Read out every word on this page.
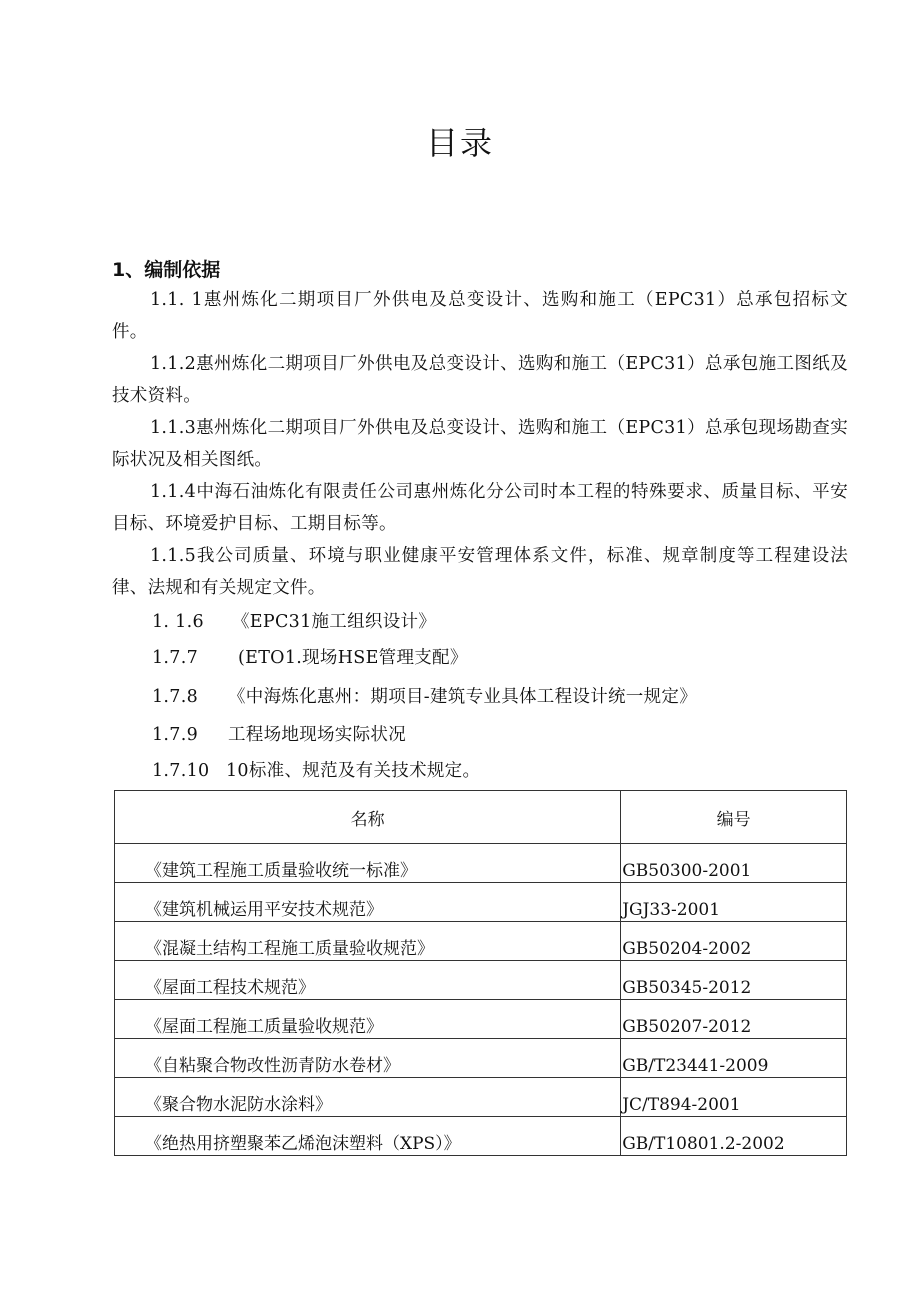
目录
1、编制依据
1.1. 1惠州炼化二期项目厂外供电及总变设计、选购和施工（EPC31）总承包招标文件。
1.1.2惠州炼化二期项目厂外供电及总变设计、选购和施工（EPC31）总承包施工图纸及技术资料。
1.1.3惠州炼化二期项目厂外供电及总变设计、选购和施工（EPC31）总承包现场勘查实际状况及相关图纸。
1.1.4中海石油炼化有限责任公司惠州炼化分公司时本工程的特殊要求、质量目标、平安目标、环境爱护目标、工期目标等。
1.1.5我公司质量、环境与职业健康平安管理体系文件，标准、规章制度等工程建设法律、法规和有关规定文件。
1. 1.6 《EPC31施工组织设计》
1.7.7 (ETO1.现场HSE管理支配》
1.7.8 《中海炼化惠州：期项目-建筑专业具体工程设计统一规定》
1.7.9 工程场地现场实际状况
1.7.10 10标准、规范及有关技术规定。
名称	编号
《建筑工程施工质量验收统一标准》	GB50300-2001
《建筑机械运用平安技术规范》	JGJ33-2001
《混凝土结构工程施工质量验收规范》	GB50204-2002
《屋面工程技术规范》	GB50345-2012
《屋面工程施工质量验收规范》	GB50207-2012
《自粘聚合物改性沥青防水卷材》	GB/T23441-2009
《聚合物水泥防水涂料》	JC/T894-2001
《绝热用挤塑聚苯乙烯泡沫塑料（XPS）》	GB/T10801.2-2002
